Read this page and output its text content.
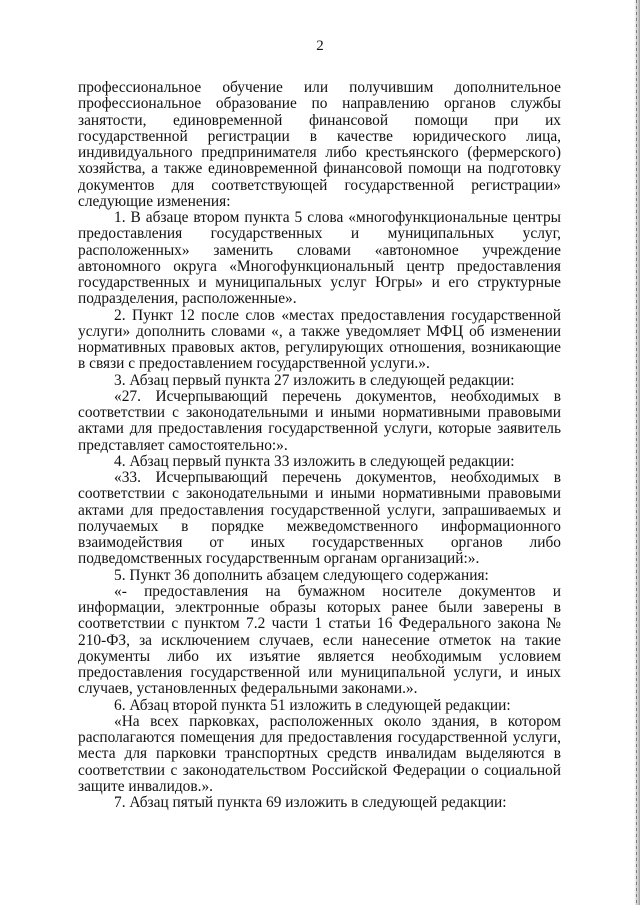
2

профессиональное обучение или получившим дополнительное профессиональное образование по направлению органов службы занятости, единовременной финансовой помощи при их государственной регистрации в качестве юридического лица, индивидуального предпринимателя либо крестьянского (фермерского) хозяйства, а также единовременной финансовой помощи на подготовку документов для соответствующей государственной регистрации» следующие изменения:

1. В абзаце втором пункта 5 слова «многофункциональные центры предоставления государственных и муниципальных услуг, расположенных» заменить словами «автономное учреждение автономного округа «Многофункциональный центр предоставления государственных и муниципальных услуг Югры» и его структурные подразделения, расположенные».

2. Пункт 12 после слов «местах предоставления государственной услуги» дополнить словами «, а также уведомляет МФЦ об изменении нормативных правовых актов, регулирующих отношения, возникающие в связи с предоставлением государственной услуги.».

3. Абзац первый пункта 27 изложить в следующей редакции:

«27. Исчерпывающий перечень документов, необходимых в соответствии с законодательными и иными нормативными правовыми актами для предоставления государственной услуги, которые заявитель представляет самостоятельно:».

4. Абзац первый пункта 33 изложить в следующей редакции:

«33. Исчерпывающий перечень документов, необходимых в соответствии с законодательными и иными нормативными правовыми актами для предоставления государственной услуги, запрашиваемых и получаемых в порядке межведомственного информационного взаимодействия от иных государственных органов либо подведомственных государственным органам организаций:».

5. Пункт 36 дополнить абзацем следующего содержания:

«- предоставления на бумажном носителе документов и информации, электронные образы которых ранее были заверены в соответствии с пунктом 7.2 части 1 статьи 16 Федерального закона № 210-ФЗ, за исключением случаев, если нанесение отметок на такие документы либо их изъятие является необходимым условием предоставления государственной или муниципальной услуги, и иных случаев, установленных федеральными законами.».

6. Абзац второй пункта 51 изложить в следующей редакции:

«На всех парковках, расположенных около здания, в котором располагаются помещения для предоставления государственной услуги, места для парковки транспортных средств инвалидам выделяются в соответствии с законодательством Российской Федерации о социальной защите инвалидов.».

7. Абзац пятый пункта 69 изложить в следующей редакции:
